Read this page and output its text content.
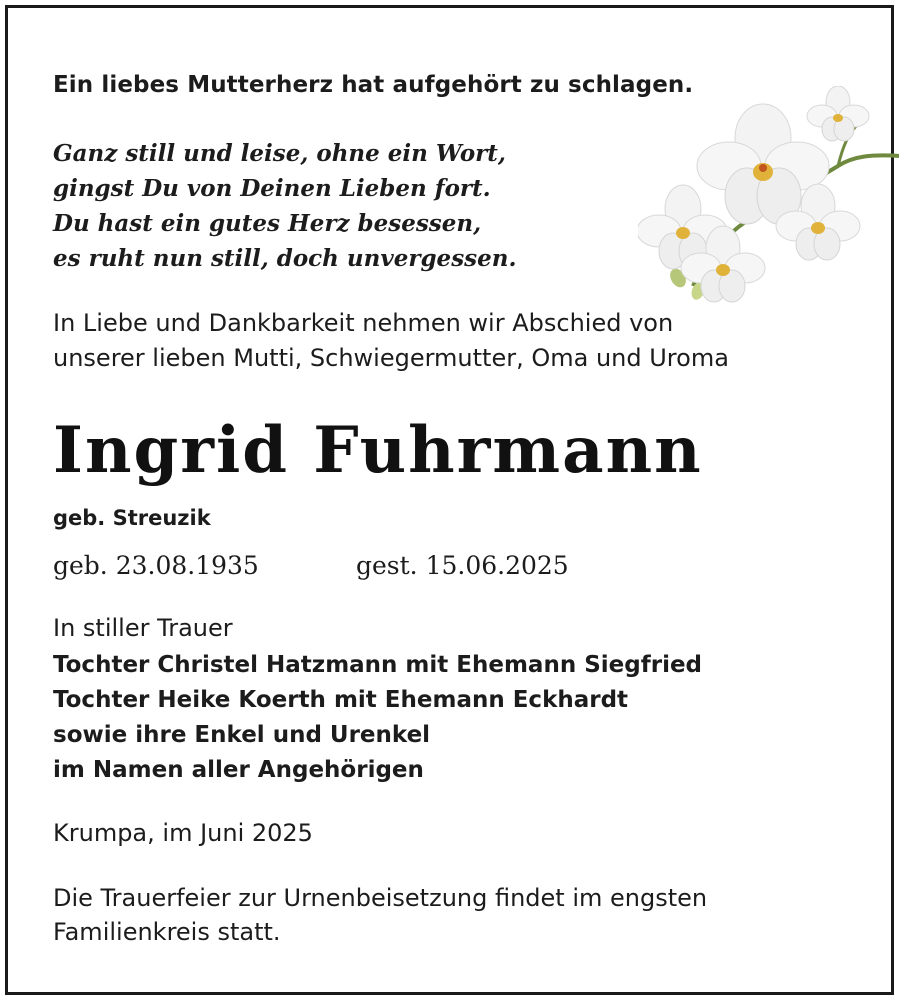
Ein liebes Mutterherz hat aufgehört zu schlagen.
Ganz still und leise, ohne ein Wort,
gingst Du von Deinen Lieben fort.
Du hast ein gutes Herz besessen,
es ruht nun still, doch unvergessen.
In Liebe und Dankbarkeit nehmen wir Abschied von
unserer lieben Mutti, Schwiegermutter, Oma und Uroma
Ingrid Fuhrmann
geb. Streuzik
geb. 23.08.1935	gest. 15.06.2025
In stiller Trauer
Tochter Christel Hatzmann mit Ehemann Siegfried
Tochter Heike Koerth mit Ehemann Eckhardt
sowie ihre Enkel und Urenkel
im Namen aller Angehörigen
Krumpa, im Juni 2025
Die Trauerfeier zur Urnenbeisetzung findet im engsten
Familienkreis statt.
